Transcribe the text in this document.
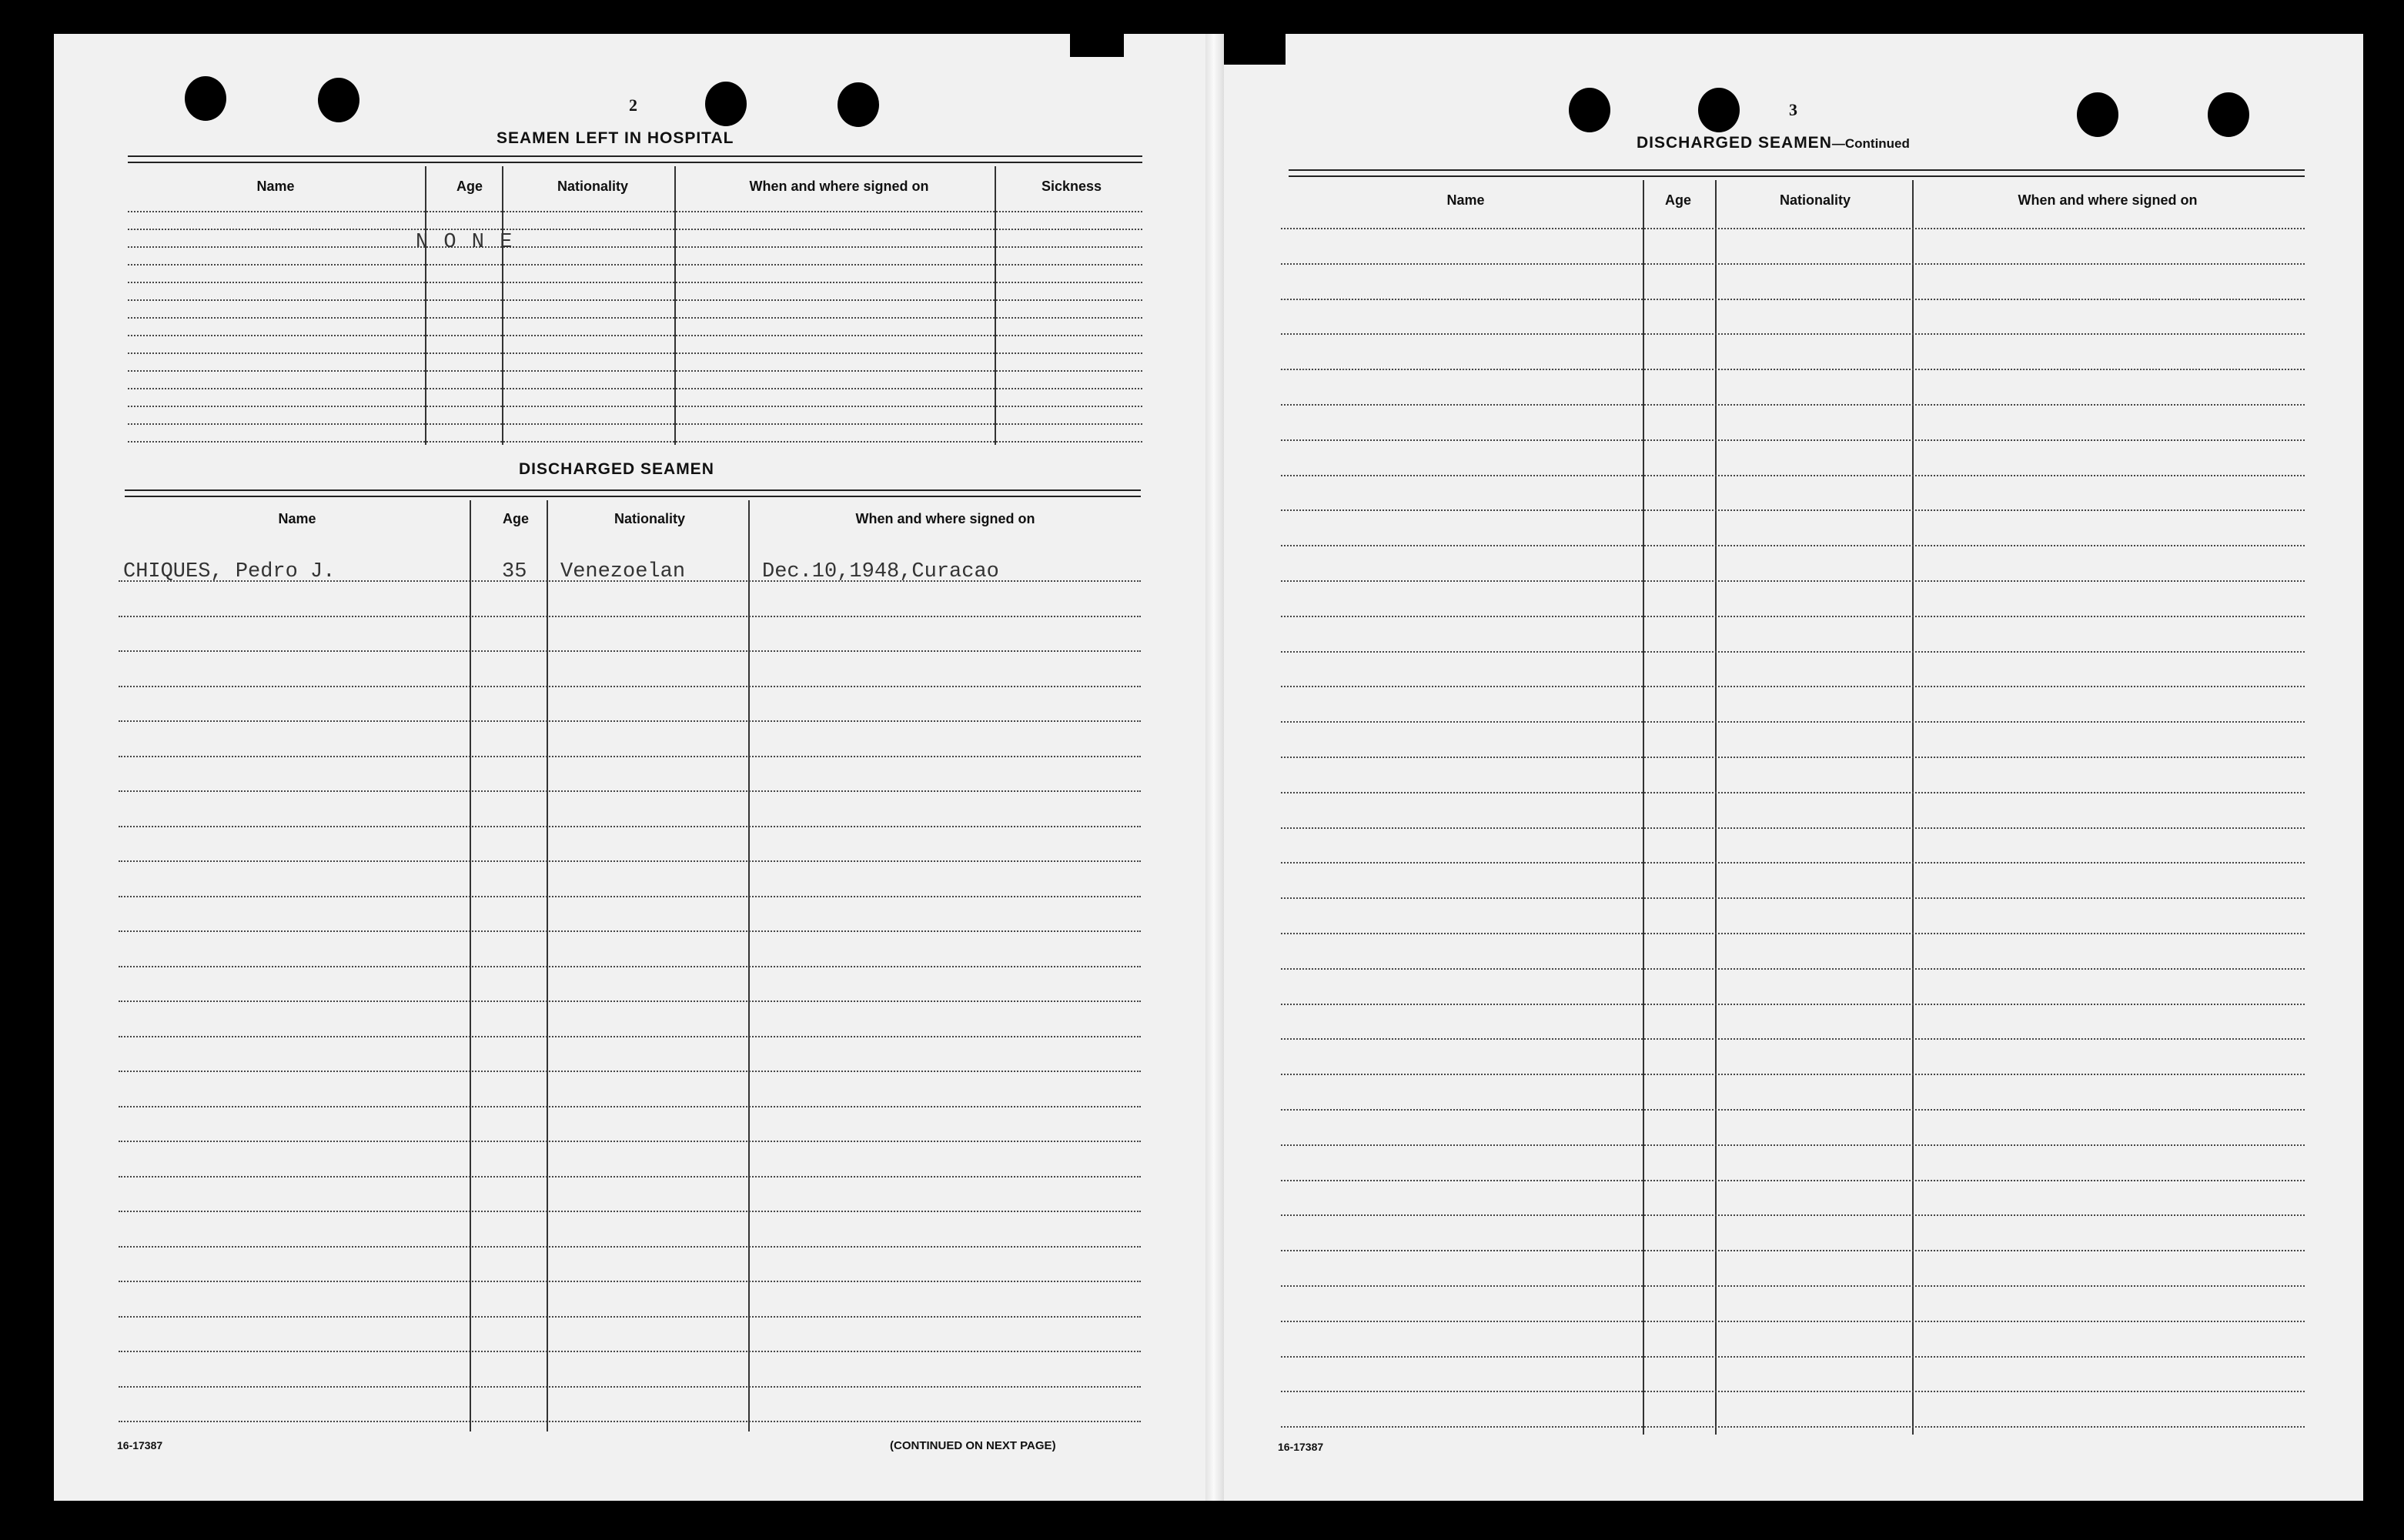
2
SEAMEN LEFT IN HOSPITAL
Name	Age	Nationality	When and where signed on	Sickness
N O N E
DISCHARGED SEAMEN
Name	Age	Nationality	When and where signed on
CHIQUES, Pedro J.	35 Venezoelan	Dec.10,1948,Curacao
16-17387	(CONTINUED ON NEXT PAGE)
3
DISCHARGED SEAMEN—Continued
Name	Age	Nationality	When and where signed on
16-17387
